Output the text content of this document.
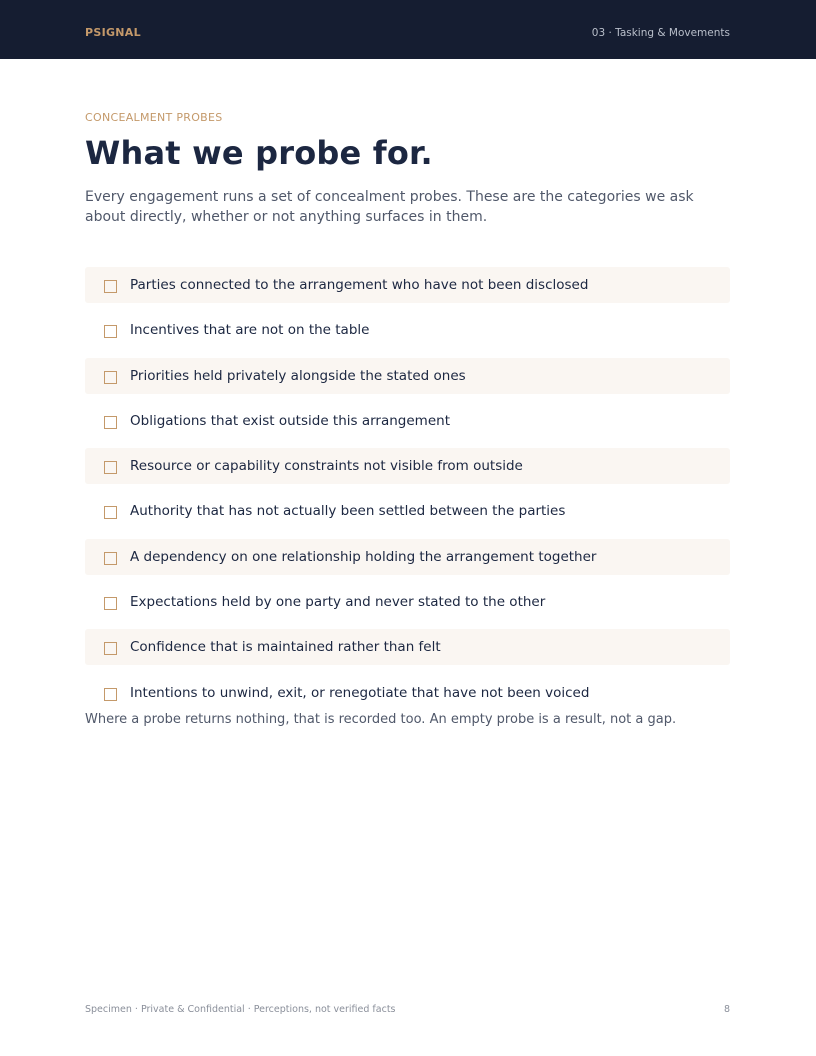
PSIGNAL	03 · Tasking & Movements
CONCEALMENT PROBES
What we probe for.

Every engagement runs a set of concealment probes. These are the categories we ask about directly, whether or not anything surfaces in them.

Parties connected to the arrangement who have not been disclosed
Incentives that are not on the table
Priorities held privately alongside the stated ones
Obligations that exist outside this arrangement
Resource or capability constraints not visible from outside
Authority that has not actually been settled between the parties
A dependency on one relationship holding the arrangement together
Expectations held by one party and never stated to the other
Confidence that is maintained rather than felt
Intentions to unwind, exit, or renegotiate that have not been voiced

Where a probe returns nothing, that is recorded too. An empty probe is a result, not a gap.

Specimen · Private & Confidential · Perceptions, not verified facts	8
